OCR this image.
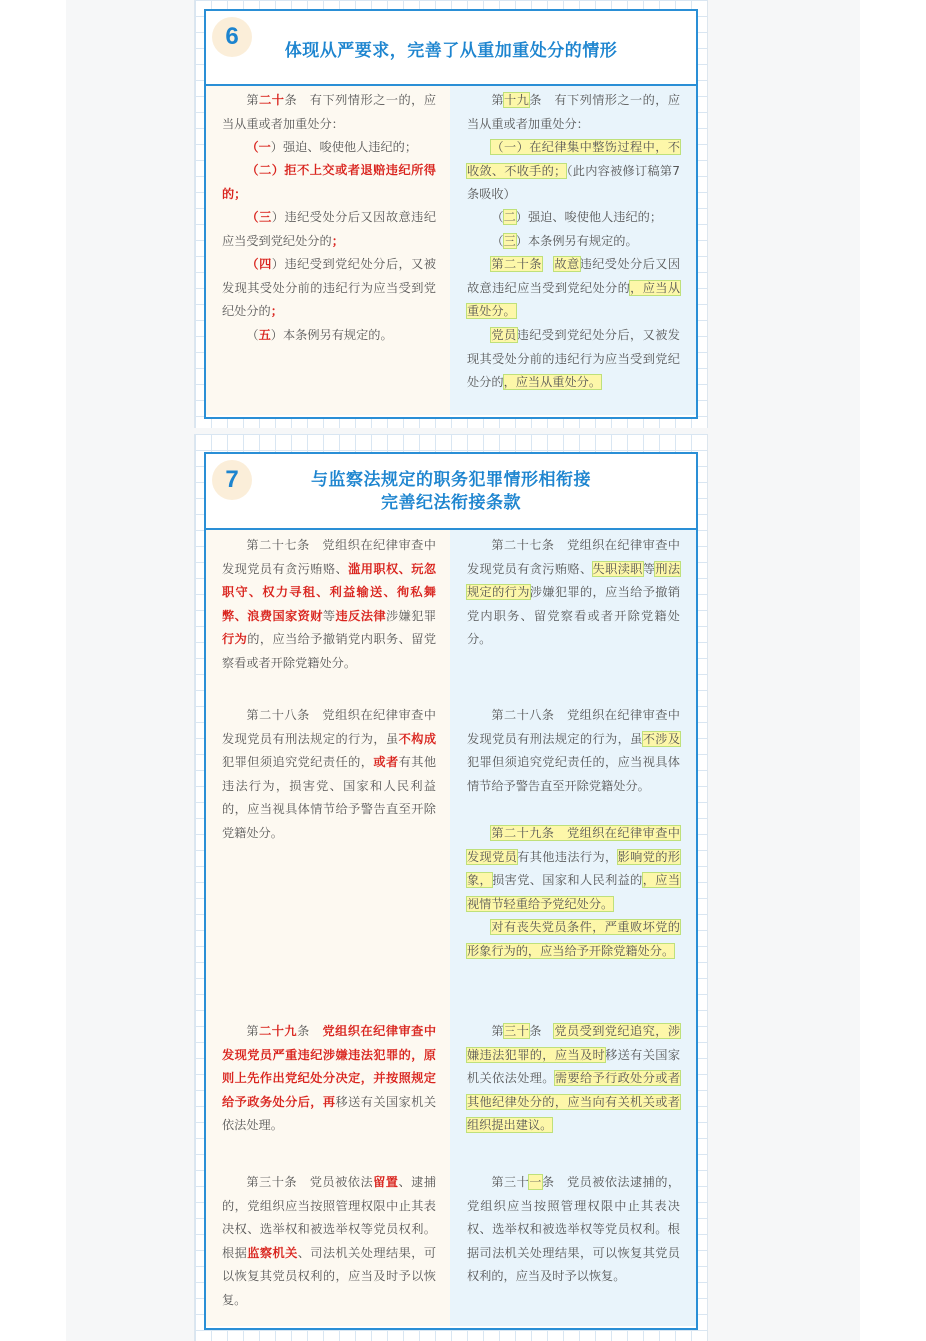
6
体现从严要求，完善了从重加重处分的情形
第二十条　有下列情形之一的，应当从重或者加重处分：
（一）强迫、唆使他人违纪的；
（二）拒不上交或者退赔违纪所得的；
（三）违纪受处分后又因故意违纪应当受到党纪处分的；
（四）违纪受到党纪处分后，又被发现其受处分前的违纪行为应当受到党纪处分的；
（五）本条例另有规定的。
第十九条　有下列情形之一的，应当从重或者加重处分：
（一）在纪律集中整饬过程中，不收敛、不收手的；（此内容被修订稿第7条吸收）
（二）强迫、唆使他人违纪的；
（三）本条例另有规定的。
第二十条　 故意违纪受处分后又因故意违纪应当受到党纪处分的，应当从重处分。
党员违纪受到党纪处分后，又被发现其受处分前的违纪行为应当受到党纪处分的，应当从重处分。
7	与监察法规定的职务犯罪情形相衔接
完善纪法衔接条款
第二十七条　党组织在纪律审查中发现党员有贪污贿赂、滥用职权、玩忽职守、权力寻租、利益输送、徇私舞弊、浪费国家资财等违反法律涉嫌犯罪行为的，应当给予撤销党内职务、留党察看或者开除党籍处分。
第二十八条　党组织在纪律审查中发现党员有刑法规定的行为，虽不构成犯罪但须追究党纪责任的，或者有其他违法行为，损害党、国家和人民利益的，应当视具体情节给予警告直至开除党籍处分。
第二十九条　党组织在纪律审查中发现党员严重违纪涉嫌违法犯罪的，原则上先作出党纪处分决定，并按照规定给予政务处分后，再移送有关国家机关依法处理。
第三十条　党员被依法留置、逮捕的，党组织应当按照管理权限中止其表决权、选举权和被选举权等党员权利。根据监察机关、司法机关处理结果，可以恢复其党员权利的，应当及时予以恢复。
第二十七条　党组织在纪律审查中发现党员有贪污贿赂、失职渎职等刑法规定的行为涉嫌犯罪的，应当给予撤销党内职务、留党察看或者开除党籍处分。
第二十八条　党组织在纪律审查中发现党员有刑法规定的行为，虽不涉及犯罪但须追究党纪责任的，应当视具体情节给予警告直至开除党籍处分。
第二十九条　党组织在纪律审查中发现党员有其他违法行为，影响党的形象，损害党、国家和人民利益的，应当视情节轻重给予党纪处分。
对有丧失党员条件，严重败坏党的形象行为的，应当给予开除党籍处分。
第三十条　党员受到党纪追究，涉嫌违法犯罪的，应当及时移送有关国家机关依法处理。需要给予行政处分或者其他纪律处分的，应当向有关机关或者组织提出建议。
第三十一条　党员被依法逮捕的，党组织应当按照管理权限中止其表决权、选举权和被选举权等党员权利。根据司法机关处理结果，可以恢复其党员权利的，应当及时予以恢复。
